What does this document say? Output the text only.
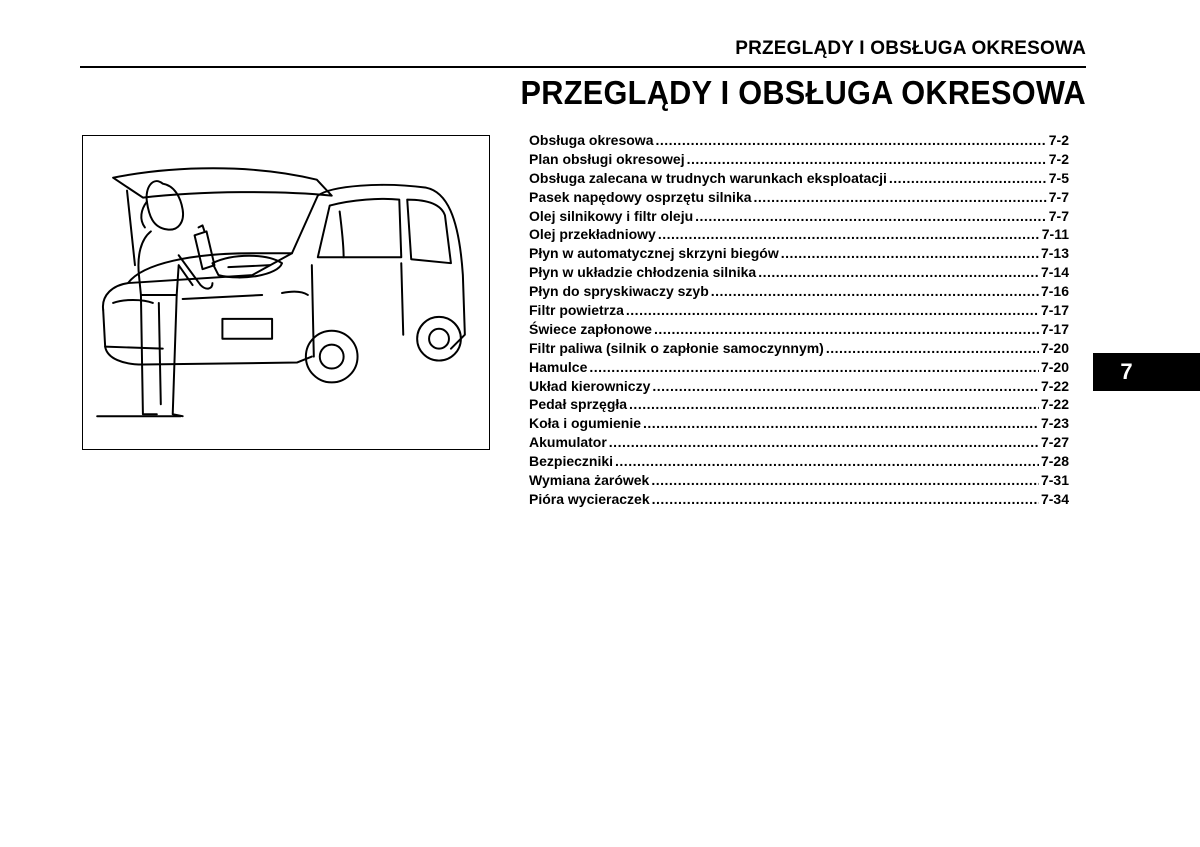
PRZEGLĄDY I OBSŁUGA OKRESOWA
PRZEGLĄDY I OBSŁUGA OKRESOWA
Obsługa okresowa .....	7-2
Plan obsługi okresowej .....	7-2
Obsługa zalecana w trudnych warunkach eksploatacji .....	7-5
Pasek napędowy osprzętu silnika .....	7-7
Olej silnikowy i filtr oleju .....	7-7
Olej przekładniowy .....	7-11
Płyn w automatycznej skrzyni biegów .....	7-13
Płyn w układzie chłodzenia silnika .....	7-14
Płyn do spryskiwaczy szyb .....	7-16
Filtr powietrza .....	7-17
Świece zapłonowe .....	7-17
Filtr paliwa (silnik o zapłonie samoczynnym) .....	7-20
Hamulce .....	7-20
Układ kierowniczy .....	7-22
Pedał sprzęgła .....	7-22
Koła i ogumienie .....	7-23
Akumulator .....	7-27
Bezpieczniki .....	7-28
Wymiana żarówek .....	7-31
Pióra wycieraczek .....	7-34
7
